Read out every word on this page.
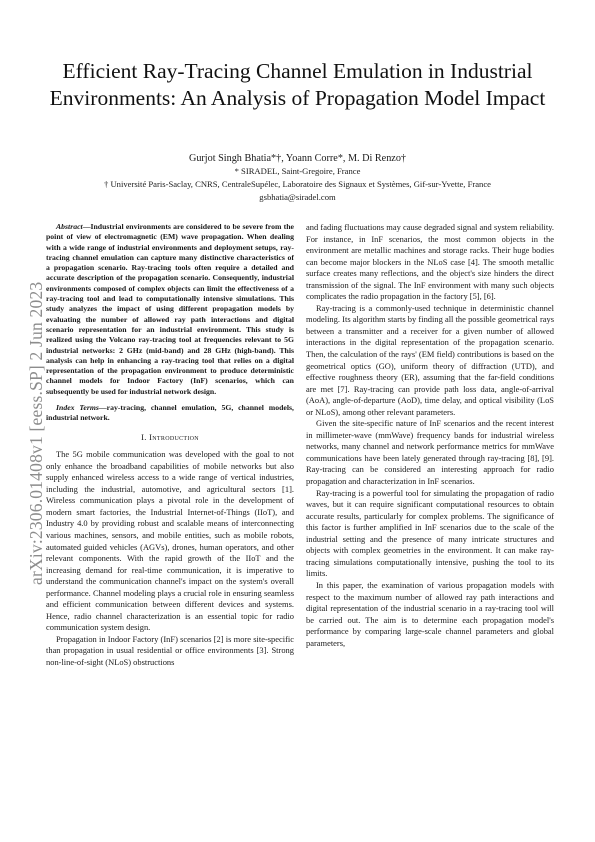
arXiv:2306.01408v1 [eess.SP] 2 Jun 2023
Efficient Ray-Tracing Channel Emulation in Industrial Environments: An Analysis of Propagation Model Impact
Gurjot Singh Bhatia*†, Yoann Corre*, M. Di Renzo†
* SIRADEL, Saint-Gregoire, France
† Université Paris-Saclay, CNRS, CentraleSupélec, Laboratoire des Signaux et Systèmes, Gif-sur-Yvette, France
gsbhatia@siradel.com

Abstract—Industrial environments are considered to be severe from the point of view of electromagnetic (EM) wave propagation. When dealing with a wide range of industrial environments and deployment setups, ray-tracing channel emulation can capture many distinctive characteristics of a propagation scenario. Ray-tracing tools often require a detailed and accurate description of the propagation scenario. Consequently, industrial environments composed of complex objects can limit the effectiveness of a ray-tracing tool and lead to computationally intensive simulations. This study analyzes the impact of using different propagation models by evaluating the number of allowed ray path interactions and digital scenario representation for an industrial environment. This study is realized using the Volcano ray-tracing tool at frequencies relevant to 5G industrial networks: 2 GHz (mid-band) and 28 GHz (high-band). This analysis can help in enhancing a ray-tracing tool that relies on a digital representation of the propagation environment to produce deterministic channel models for Indoor Factory (InF) scenarios, which can subsequently be used for industrial network design.

Index Terms—ray-tracing, channel emulation, 5G, channel models, industrial network.

I. Introduction

The 5G mobile communication was developed with the goal to not only enhance the broadband capabilities of mobile networks but also supply enhanced wireless access to a wide range of vertical industries, including the industrial, automotive, and agricultural sectors [1]. Wireless communication plays a pivotal role in the development of modern smart factories, the Industrial Internet-of-Things (IIoT), and Industry 4.0 by providing robust and scalable means of interconnecting various machines, sensors, and mobile entities, such as mobile robots, automated guided vehicles (AGVs), drones, human operators, and other relevant components. With the rapid growth of the IIoT and the increasing demand for real-time communication, it is imperative to understand the communication channel's impact on the system's overall performance. Channel modeling plays a crucial role in ensuring seamless and efficient communication between different devices and systems. Hence, radio channel characterization is an essential topic for radio communication system design.

Propagation in Indoor Factory (InF) scenarios [2] is more site-specific than propagation in usual residential or office environments [3]. Strong non-line-of-sight (NLoS) obstructions

and fading fluctuations may cause degraded signal and system reliability. For instance, in InF scenarios, the most common objects in the environment are metallic machines and storage racks. Their huge bodies can become major blockers in the NLoS case [4]. The smooth metallic surface creates many reflections, and the object's size hinders the direct transmission of the signal. The InF environment with many such objects complicates the radio propagation in the factory [5], [6].

Ray-tracing is a commonly-used technique in deterministic channel modeling. Its algorithm starts by finding all the possible geometrical rays between a transmitter and a receiver for a given number of allowed interactions in the digital representation of the propagation scenario. Then, the calculation of the rays' (EM field) contributions is based on the geometrical optics (GO), uniform theory of diffraction (UTD), and effective roughness theory (ER), assuming that the far-field conditions are met [7]. Ray-tracing can provide path loss data, angle-of-arrival (AoA), angle-of-departure (AoD), time delay, and optical visibility (LoS or NLoS), among other relevant parameters.

Given the site-specific nature of InF scenarios and the recent interest in millimeter-wave (mmWave) frequency bands for industrial wireless networks, many channel and network performance metrics for mmWave communications have been lately generated through ray-tracing [8], [9]. Ray-tracing can be considered an interesting approach for radio propagation and characterization in InF scenarios.

Ray-tracing is a powerful tool for simulating the propagation of radio waves, but it can require significant computational resources to obtain accurate results, particularly for complex problems. The significance of this factor is further amplified in InF scenarios due to the scale of the industrial setting and the presence of many intricate structures and objects with complex geometries in the environment. It can make ray-tracing simulations computationally intensive, pushing the tool to its limits.

In this paper, the examination of various propagation models with respect to the maximum number of allowed ray path interactions and digital representation of the industrial scenario in a ray-tracing tool will be carried out. The aim is to determine each propagation model's performance by comparing large-scale channel parameters and global parameters,
